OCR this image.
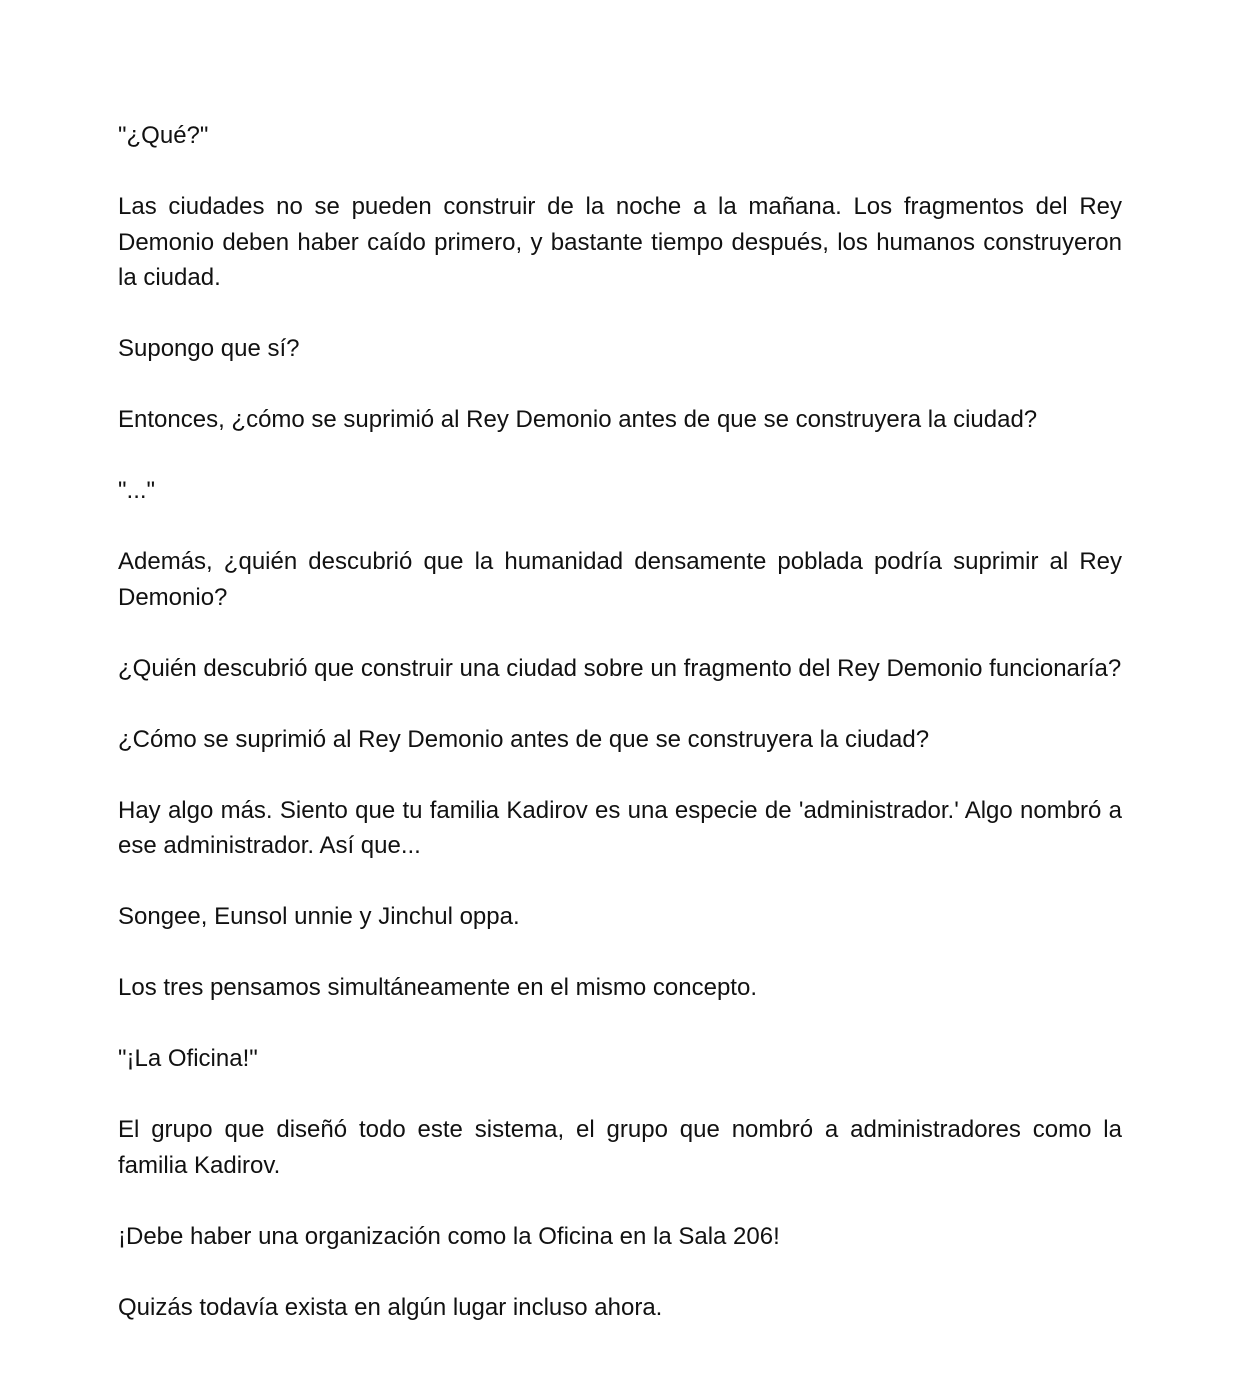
"¿Qué?"

Las ciudades no se pueden construir de la noche a la mañana. Los fragmentos del Rey Demonio deben haber caído primero, y bastante tiempo después, los humanos construyeron la ciudad.

Supongo que sí?

Entonces, ¿cómo se suprimió al Rey Demonio antes de que se construyera la ciudad?

"..."

Además, ¿quién descubrió que la humanidad densamente poblada podría suprimir al Rey Demonio?

¿Quién descubrió que construir una ciudad sobre un fragmento del Rey Demonio funcionaría?

¿Cómo se suprimió al Rey Demonio antes de que se construyera la ciudad?

Hay algo más. Siento que tu familia Kadirov es una especie de 'administrador.' Algo nombró a ese administrador. Así que...

Songee, Eunsol unnie y Jinchul oppa.

Los tres pensamos simultáneamente en el mismo concepto.

"¡La Oficina!"

El grupo que diseñó todo este sistema, el grupo que nombró a administradores como la familia Kadirov.

¡Debe haber una organización como la Oficina en la Sala 206!

Quizás todavía exista en algún lugar incluso ahora.
